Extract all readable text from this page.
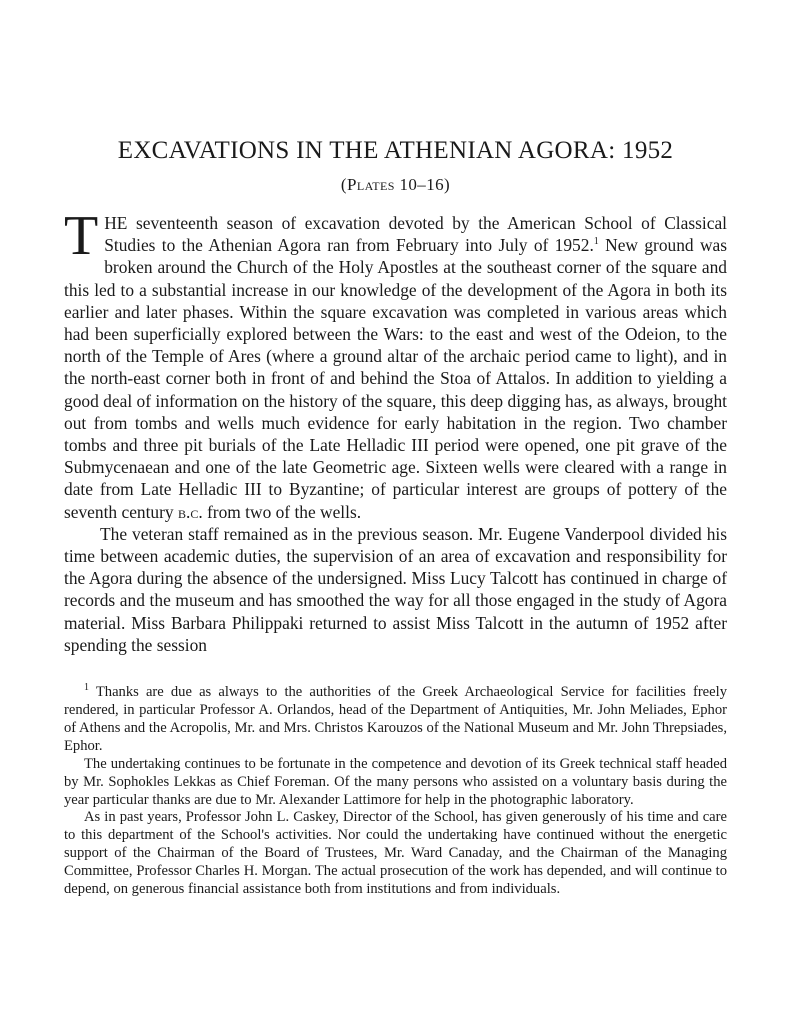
EXCAVATIONS IN THE ATHENIAN AGORA: 1952
(Plates 10–16)

THE seventeenth season of excavation devoted by the American School of Classical Studies to the Athenian Agora ran from February into July of 1952.$^1$ New ground was broken around the Church of the Holy Apostles at the southeast corner of the square and this led to a substantial increase in our knowledge of the development of the Agora in both its earlier and later phases. Within the square excavation was completed in various areas which had been superficially explored between the Wars: to the east and west of the Odeion, to the north of the Temple of Ares (where a ground altar of the archaic period came to light), and in the north-east corner both in front of and behind the Stoa of Attalos. In addition to yielding a good deal of information on the history of the square, this deep digging has, as always, brought out from tombs and wells much evidence for early habitation in the region. Two chamber tombs and three pit burials of the Late Helladic III period were opened, one pit grave of the Submycenaean and one of the late Geometric age. Sixteen wells were cleared with a range in date from Late Helladic III to Byzantine; of particular interest are groups of pottery of the seventh century b.c. from two of the wells.

The veteran staff remained as in the previous season. Mr. Eugene Vanderpool divided his time between academic duties, the supervision of an area of excavation and responsibility for the Agora during the absence of the undersigned. Miss Lucy Talcott has continued in charge of records and the museum and has smoothed the way for all those engaged in the study of Agora material. Miss Barbara Philippaki returned to assist Miss Talcott in the autumn of 1952 after spending the session

$^1$ Thanks are due as always to the authorities of the Greek Archaeological Service for facilities freely rendered, in particular Professor A. Orlandos, head of the Department of Antiquities, Mr. John Meliades, Ephor of Athens and the Acropolis, Mr. and Mrs. Christos Karouzos of the National Museum and Mr. John Threpsiades, Ephor.

The undertaking continues to be fortunate in the competence and devotion of its Greek technical staff headed by Mr. Sophokles Lekkas as Chief Foreman. Of the many persons who assisted on a voluntary basis during the year particular thanks are due to Mr. Alexander Lattimore for help in the photographic laboratory.

As in past years, Professor John L. Caskey, Director of the School, has given generously of his time and care to this department of the School's activities. Nor could the undertaking have continued without the energetic support of the Chairman of the Board of Trustees, Mr. Ward Canaday, and the Chairman of the Managing Committee, Professor Charles H. Morgan. The actual prosecution of the work has depended, and will continue to depend, on generous financial assistance both from institutions and from individuals.
